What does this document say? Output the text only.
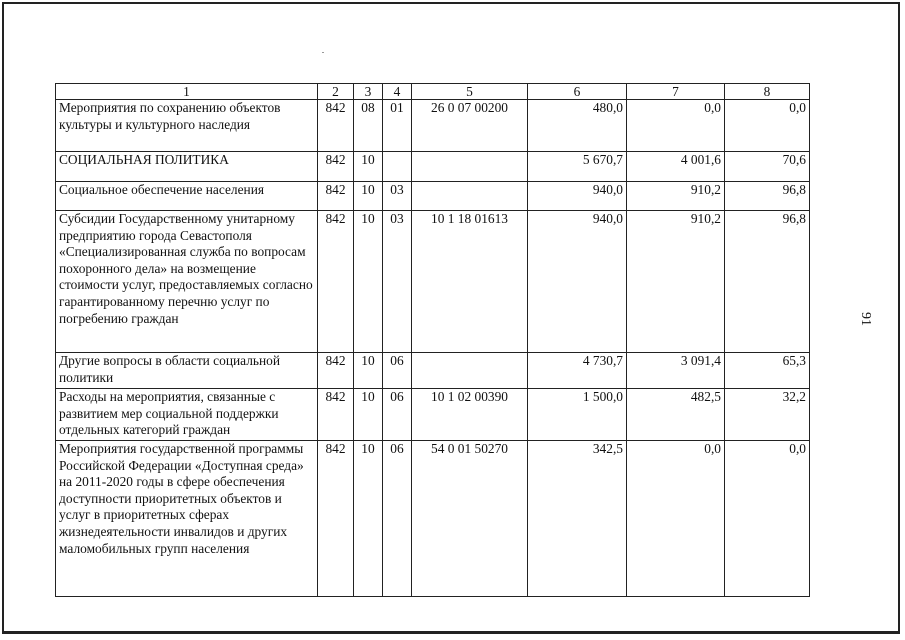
1	2	3	4	5	6	7	8
Мероприятия по сохранению объектов культуры и культурного наследия	842	08	01	26 0 07 00200	480,0	0,0	0,0
СОЦИАЛЬНАЯ ПОЛИТИКА	842	10			5 670,7	4 001,6	70,6
Социальное обеспечение населения	842	10	03		940,0	910,2	96,8
Субсидии Государственному унитарному предприятию города Севастополя «Специализированная служба по вопросам похоронного дела» на возмещение стоимости услуг, предоставляемых согласно гарантированному перечню услуг по погребению граждан	842	10	03	10 1 18 01613	940,0	910,2	96,8
Другие вопросы в области социальной политики	842	10	06		4 730,7	3 091,4	65,3
Расходы на мероприятия, связанные с развитием мер социальной поддержки отдельных категорий граждан	842	10	06	10 1 02 00390	1 500,0	482,5	32,2
Мероприятия государственной программы Российской Федерации «Доступная среда» на 2011-2020 годы в сфере обеспечения доступности приоритетных объектов и услуг в приоритетных сферах жизнедеятельности инвалидов и других маломобильных групп населения	842	10	06	54 0 01 50270	342,5	0,0	0,0
91
